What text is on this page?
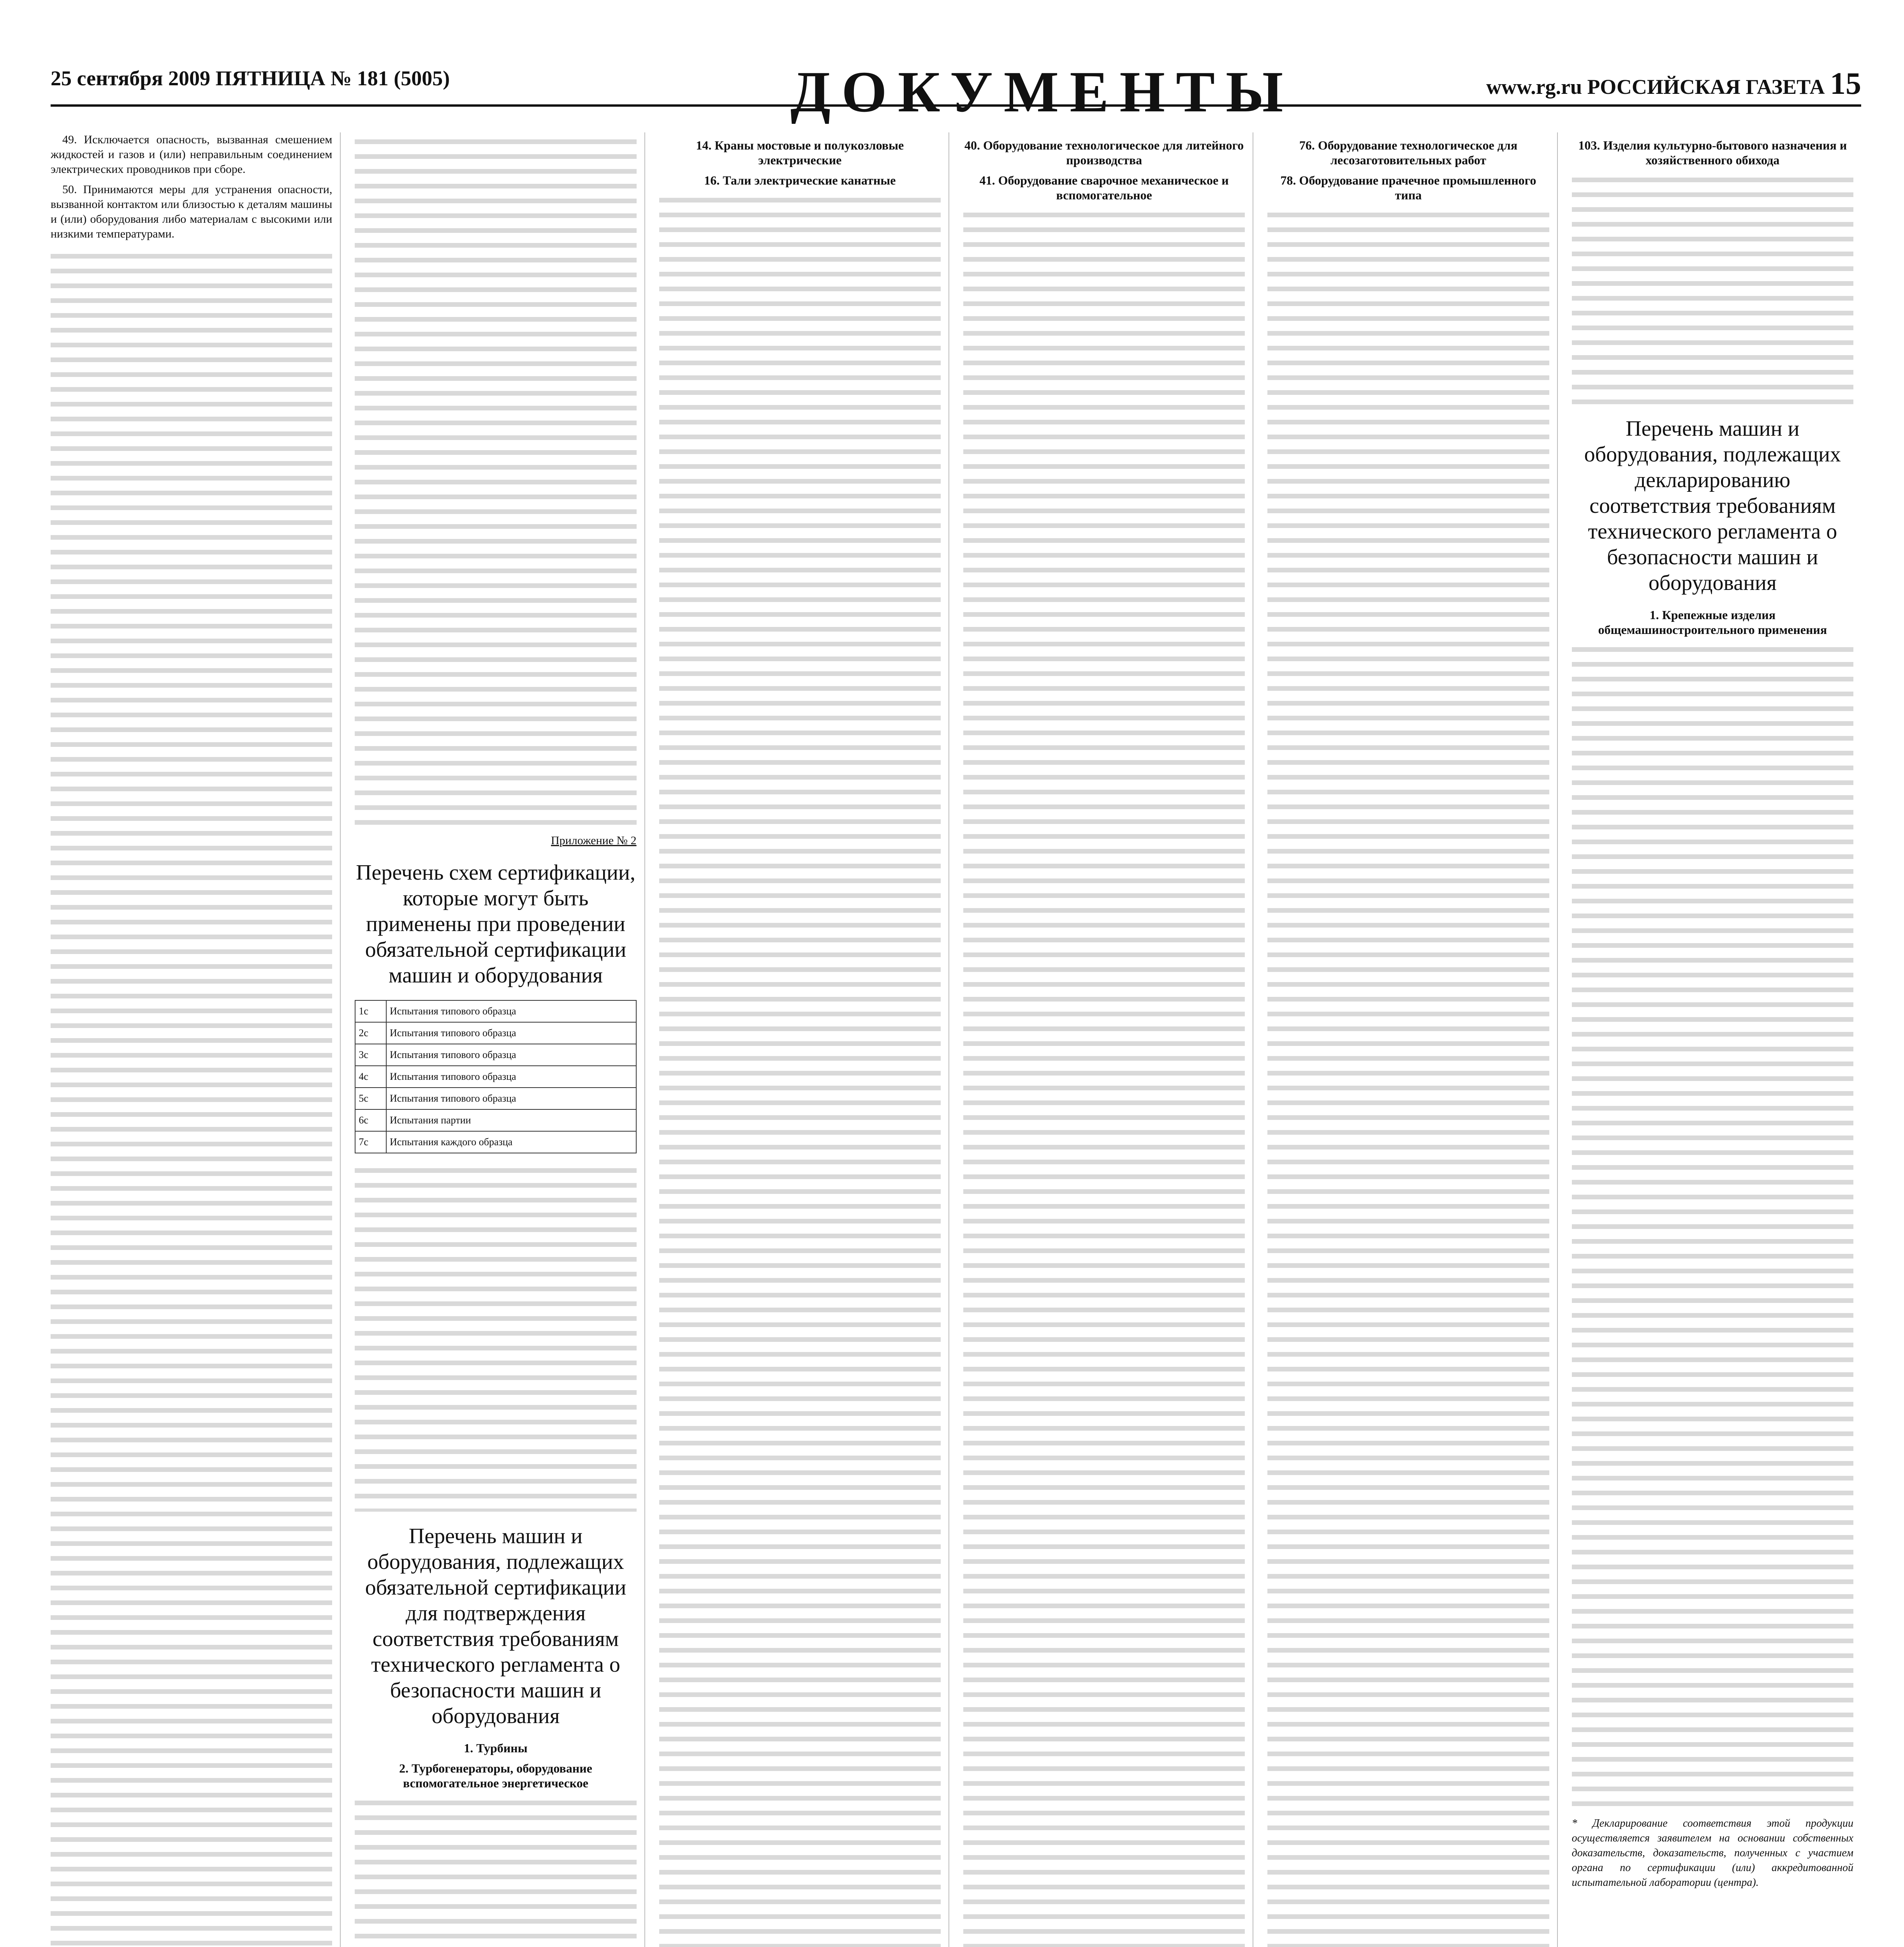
25 сентября 2009 ПЯТНИЦА № 181 (5005)	ДОКУМЕНТЫ	www.rg.ru РОССИЙСКАЯ ГАЗЕТА 15

49. Исключается опасность, вызванная смешением жидкостей и газов и (или) неправильным соединением электрических проводников при сборе.

50. Принимаются меры для устранения опасности, вызванной контактом или близостью к деталям машины и (или) оборудования либо материалам с высокими или низкими температурами.

Приложение № 2
Перечень схем сертификации, которые могут быть применены при проведении обязательной сертификации машин и оборудования
1с	Испытания типового образца
2с	Испытания типового образца
3с	Испытания типового образца
4с	Испытания типового образца
5с	Испытания типового образца
6с	Испытания партии
7с	Испытания каждого образца
Перечень машин и оборудования, подлежащих обязательной сертификации для подтверждения соответствия требованиям технического регламента о безопасности машин и оборудования
1. Турбины
2. Турбогенераторы, оборудование вспомогательное энергетическое
14. Краны мостовые и полукозловые электрические
16. Тали электрические канатные
40. Оборудование технологическое для литейного производства
41. Оборудование сварочное механическое и вспомогательное
76. Оборудование технологическое для лесозаготовительных работ
78. Оборудование прачечное промышленного типа
103. Изделия культурно-бытового назначения и хозяйственного обихода
Перечень машин и оборудования, подлежащих декларированию соответствия требованиям технического регламента о безопасности машин и оборудования
1. Крепежные изделия общемашиностроительного применения
* Декларирование соответствия этой продукции осуществляется заявителем на основании собственных доказательств, доказательств, полученных с участием органа по сертификации (или) аккредитованной испытательной лаборатории (центра).
